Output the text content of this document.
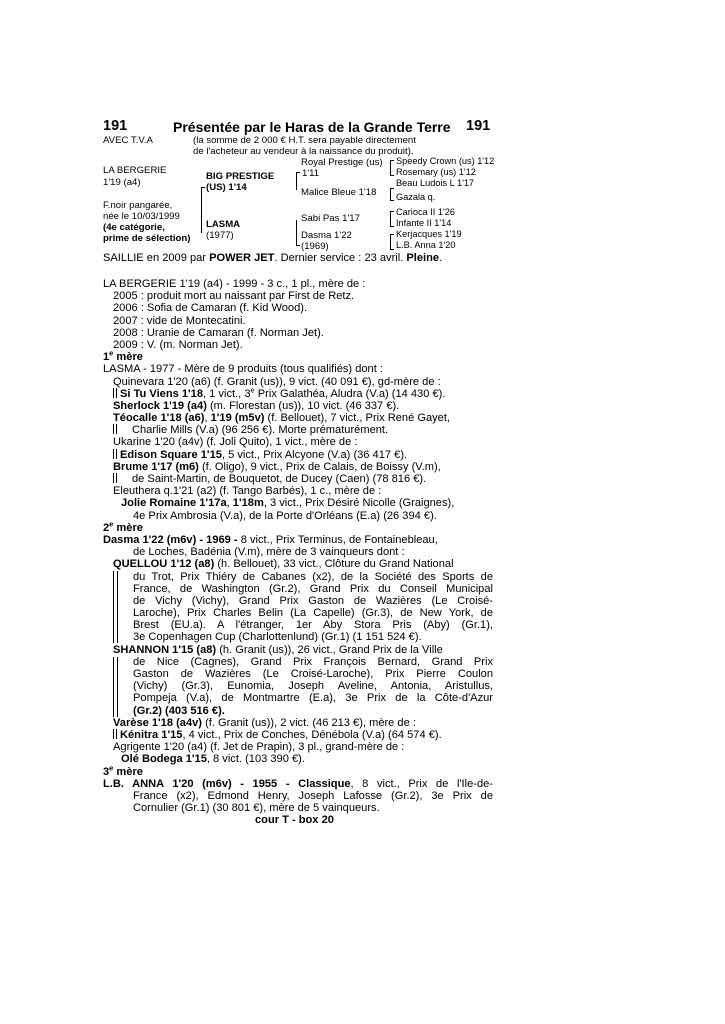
191	Présentée par le Haras de la Grande Terre 191
AVEC T.V.A	(la somme de 2 000 € H.T. sera payable directement
de l'acheteur au vendeur à la naissance du produit).
LA BERGERIE
1'19 (a4)
F.noir pangarée,
née le 10/03/1999
(4e catégorie,
prime de sélection)
BIG PRESTIGE
(US) 1'14
LASMA
(1977)
Royal Prestige (us)
1'11
Malice Bleue 1'18
Sabi Pas 1'17
Dasma 1'22
(1969)
Speedy Crown (us) 1'12
Rosemary (us) 1'12
Beau Ludois L 1'17
Gazala q.
Carioca II 1'26
Infante II 1'14
Kerjacques 1'19
L.B. Anna 1'20
SAILLIE en 2009 par POWER JET. Dernier service : 23 avril. Pleine.
LA BERGERIE 1'19 (a4) - 1999 - 3 c., 1 pl., mère de :
2005 : produit mort au naissant par First de Retz.
2006 : Sofia de Camaran (f. Kid Wood).
2007 : vide de Montecatini.
2008 : Uranie de Camaran (f. Norman Jet).
2009 : V. (m. Norman Jet).
1e mère
LASMA - 1977 - Mère de 9 produits (tous qualifiés) dont :
Quinevara 1'20 (a6) (f. Granit (us)), 9 vict. (40 091 €), gd-mère de :
Si Tu Viens 1'18, 1 vict., 3e Prix Galathéa, Aludra (V.a) (14 430 €).
Sherlock 1'19 (a4) (m. Florestan (us)), 10 vict. (46 337 €).
Téocalle 1'18 (a6), 1'19 (m5v) (f. Bellouet), 7 vict., Prix René Gayet,
Charlie Mills (V.a) (96 256 €). Morte prématurément.
Ukarine 1'20 (a4v) (f. Joli Quito), 1 vict., mère de :
Edison Square 1'15, 5 vict., Prix Alcyone (V.a) (36 417 €).
Brume 1'17 (m6) (f. Oligo), 9 vict., Prix de Calais, de Boissy (V.m),
de Saint-Martin, de Bouquetot, de Ducey (Caen) (78 816 €).
Eleuthera q.1'21 (a2) (f. Tango Barbés), 1 c., mère de :
Jolie Romaine 1'17a, 1'18m, 3 vict., Prix Désiré Nicolle (Graignes),
4e Prix Ambrosia (V.a), de la Porte d'Orléans (E.a) (26 394 €).
2e mère
Dasma 1'22 (m6v) - 1969 - 8 vict., Prix Terminus, de Fontainebleau,
de Loches, Badénia (V.m), mère de 3 vainqueurs dont :
QUELLOU 1'12 (a8) (h. Bellouet), 33 vict., Clôture du Grand National
du Trot, Prix Thiéry de Cabanes (x2), de la Société des Sports de
France, de Washington (Gr.2), Grand Prix du Conseil Municipal
de Vichy (Vichy), Grand Prix Gaston de Wazières (Le Croisé-
Laroche), Prix Charles Belin (La Capelle) (Gr.3), de New York, de
Brest (EU.a). A l'étranger, 1er Aby Stora Pris (Aby) (Gr.1),
3e Copenhagen Cup (Charlottenlund) (Gr.1) (1 151 524 €).
SHANNON 1'15 (a8) (h. Granit (us)), 26 vict., Grand Prix de la Ville
de Nice (Cagnes), Grand Prix François Bernard, Grand Prix
Gaston de Wazières (Le Croisé-Laroche), Prix Pierre Coulon
(Vichy) (Gr.3), Eunomia, Joseph Aveline, Antonia, Aristullus,
Pompeja (V.a), de Montmartre (E.a), 3e Prix de la Côte-d'Azur
(Gr.2) (403 516 €).
Varèse 1'18 (a4v) (f. Granit (us)), 2 vict. (46 213 €), mère de :
Kénitra 1'15, 4 vict., Prix de Conches, Dénébola (V.a) (64 574 €).
Agrigente 1'20 (a4) (f. Jet de Prapin), 3 pl., grand-mère de :
Olé Bodega 1'15, 8 vict. (103 390 €).
3e mère
L.B. ANNA 1'20 (m6v) - 1955 - Classique, 8 vict., Prix de l'Ile-de-
France (x2), Edmond Henry, Joseph Lafosse (Gr.2), 3e Prix de
Cornulier (Gr.1) (30 801 €), mère de 5 vainqueurs.
cour T - box 20
